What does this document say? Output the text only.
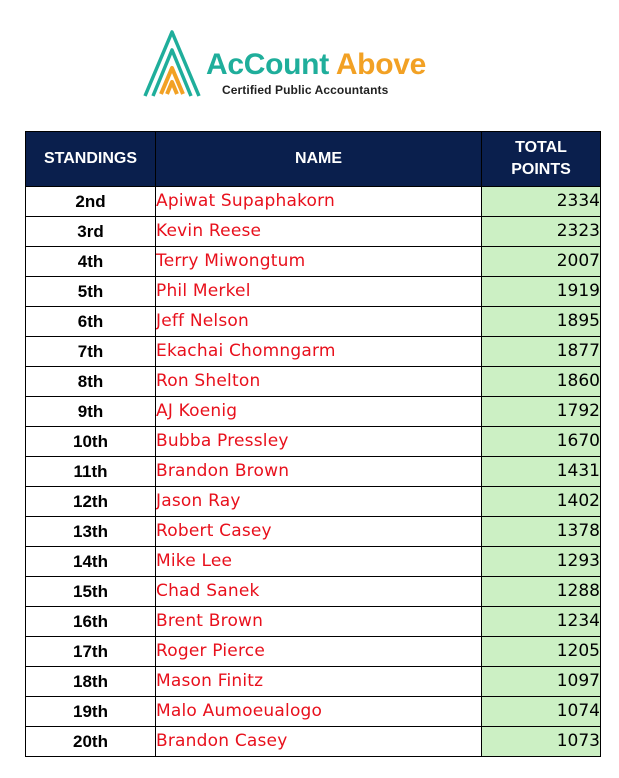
AcCount Above
Certified Public Accountants
STANDINGS	NAME	TOTAL
POINTS
2nd	Apiwat Supaphakorn	2334
3rd	Kevin Reese	2323
4th	Terry Miwongtum	2007
5th	Phil Merkel	1919
6th	Jeff Nelson	1895
7th	Ekachai Chomngarm	1877
8th	Ron Shelton	1860
9th	AJ Koenig	1792
10th	Bubba Pressley	1670
11th	Brandon Brown	1431
12th	Jason Ray	1402
13th	Robert Casey	1378
14th	Mike Lee	1293
15th	Chad Sanek	1288
16th	Brent Brown	1234
17th	Roger Pierce	1205
18th	Mason Finitz	1097
19th	Malo Aumoeualogo	1074
20th	Brandon Casey	1073
